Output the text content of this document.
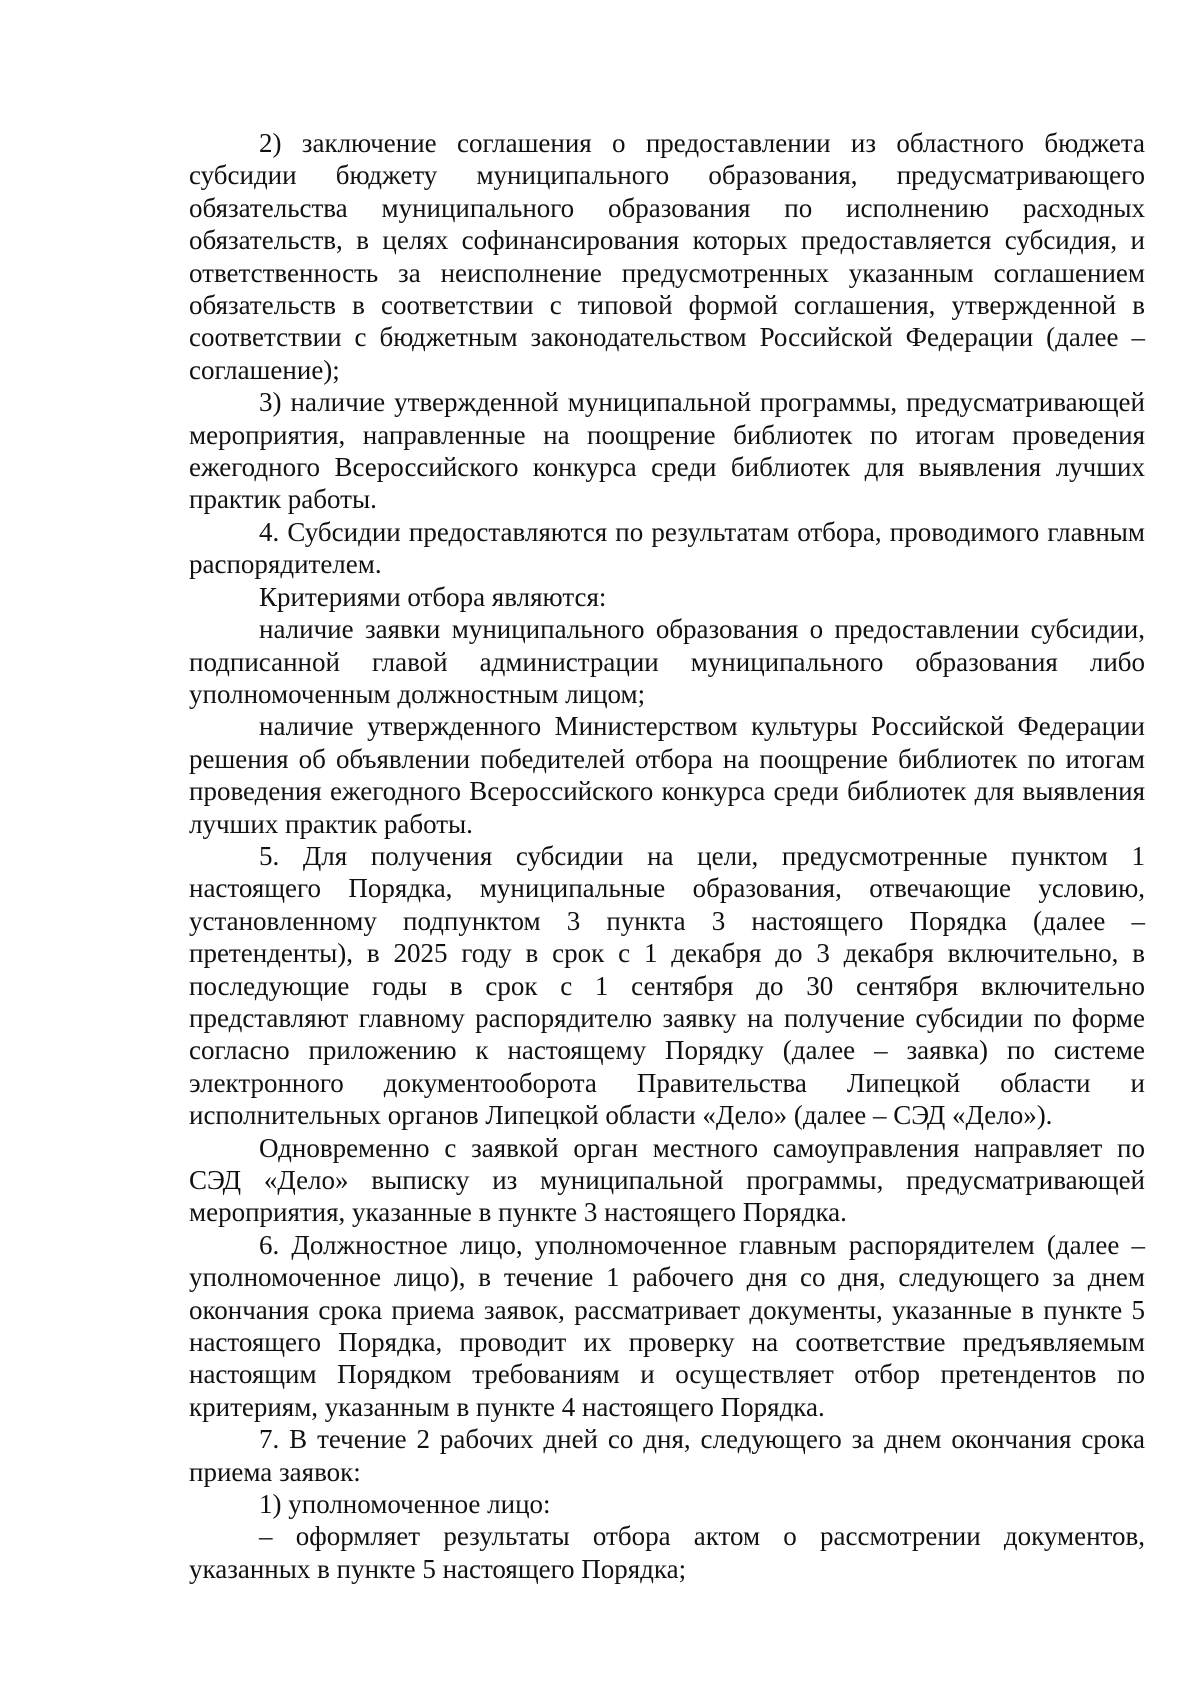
2) заключение соглашения о предоставлении из областного бюджета субсидии бюджету муниципального образования, предусматривающего обязательства муниципального образования по исполнению расходных обязательств, в целях софинансирования которых предоставляется субсидия, и ответственность за неисполнение предусмотренных указанным соглашением обязательств в соответствии с типовой формой соглашения, утвержденной в соответствии с бюджетным законодательством Российской Федерации (далее – соглашение);

3) наличие утвержденной муниципальной программы, предусматривающей мероприятия, направленные на поощрение библиотек по итогам проведения ежегодного Всероссийского конкурса среди библиотек для выявления лучших практик работы.

4. Субсидии предоставляются по результатам отбора, проводимого главным распорядителем.

Критериями отбора являются:

наличие заявки муниципального образования о предоставлении субсидии, подписанной главой администрации муниципального образования либо уполномоченным должностным лицом;

наличие утвержденного Министерством культуры Российской Федерации решения об объявлении победителей отбора на поощрение библиотек по итогам проведения ежегодного Всероссийского конкурса среди библиотек для выявления лучших практик работы.

5. Для получения субсидии на цели, предусмотренные пунктом 1 настоящего Порядка, муниципальные образования, отвечающие условию, установленному подпунктом 3 пункта 3 настоящего Порядка (далее – претенденты), в 2025 году в срок с 1 декабря до 3 декабря включительно, в последующие годы в срок с 1 сентября до 30 сентября включительно представляют главному распорядителю заявку на получение субсидии по форме согласно приложению к настоящему Порядку (далее – заявка) по системе электронного документооборота Правительства Липецкой области и исполнительных органов Липецкой области «Дело» (далее – СЭД «Дело»).

Одновременно с заявкой орган местного самоуправления направляет по СЭД «Дело» выписку из муниципальной программы, предусматривающей мероприятия, указанные в пункте 3 настоящего Порядка.

6. Должностное лицо, уполномоченное главным распорядителем (далее – уполномоченное лицо), в течение 1 рабочего дня со дня, следующего за днем окончания срока приема заявок, рассматривает документы, указанные в пункте 5 настоящего Порядка, проводит их проверку на соответствие предъявляемым настоящим Порядком требованиям и осуществляет отбор претендентов по критериям, указанным в пункте 4 настоящего Порядка.

7. В течение 2 рабочих дней со дня, следующего за днем окончания срока приема заявок:

1) уполномоченное лицо:

– оформляет результаты отбора актом о рассмотрении документов, указанных в пункте 5 настоящего Порядка;
